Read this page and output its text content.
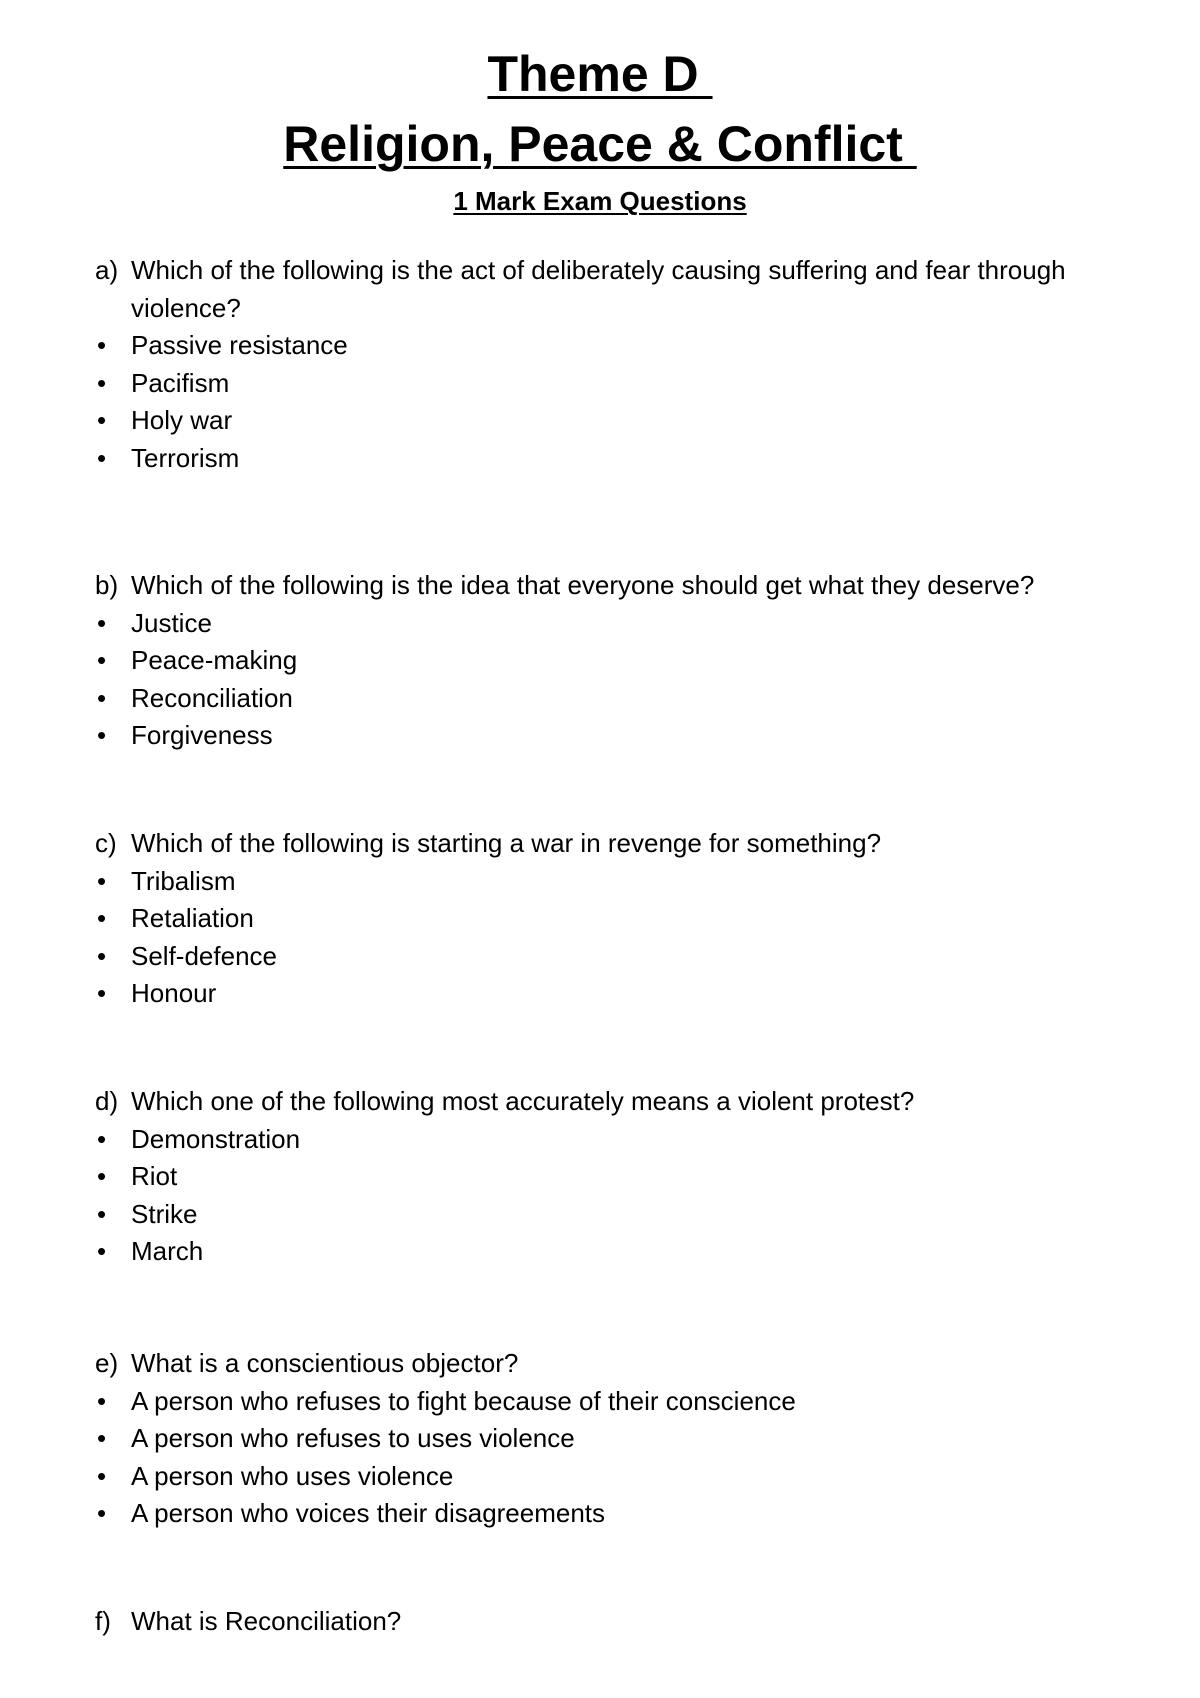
Theme D
Religion, Peace & Conflict
1 Mark Exam Questions
a) Which of the following is the act of deliberately causing suffering and fear through violence?
•
Passive resistance
•
Pacifism
•
Holy war
•
Terrorism
b) Which of the following is the idea that everyone should get what they deserve?
•
Justice
•
Peace-making
•
Reconciliation
•
Forgiveness
c) Which of the following is starting a war in revenge for something?
•
Tribalism
•
Retaliation
•
Self-defence
•
Honour
d) Which one of the following most accurately means a violent protest?
•
Demonstration
•
Riot
•
Strike
•
March
e) What is a conscientious objector?
•
A person who refuses to fight because of their conscience
•
A person who refuses to uses violence
•
A person who uses violence
•
A person who voices their disagreements
f) What is Reconciliation?
